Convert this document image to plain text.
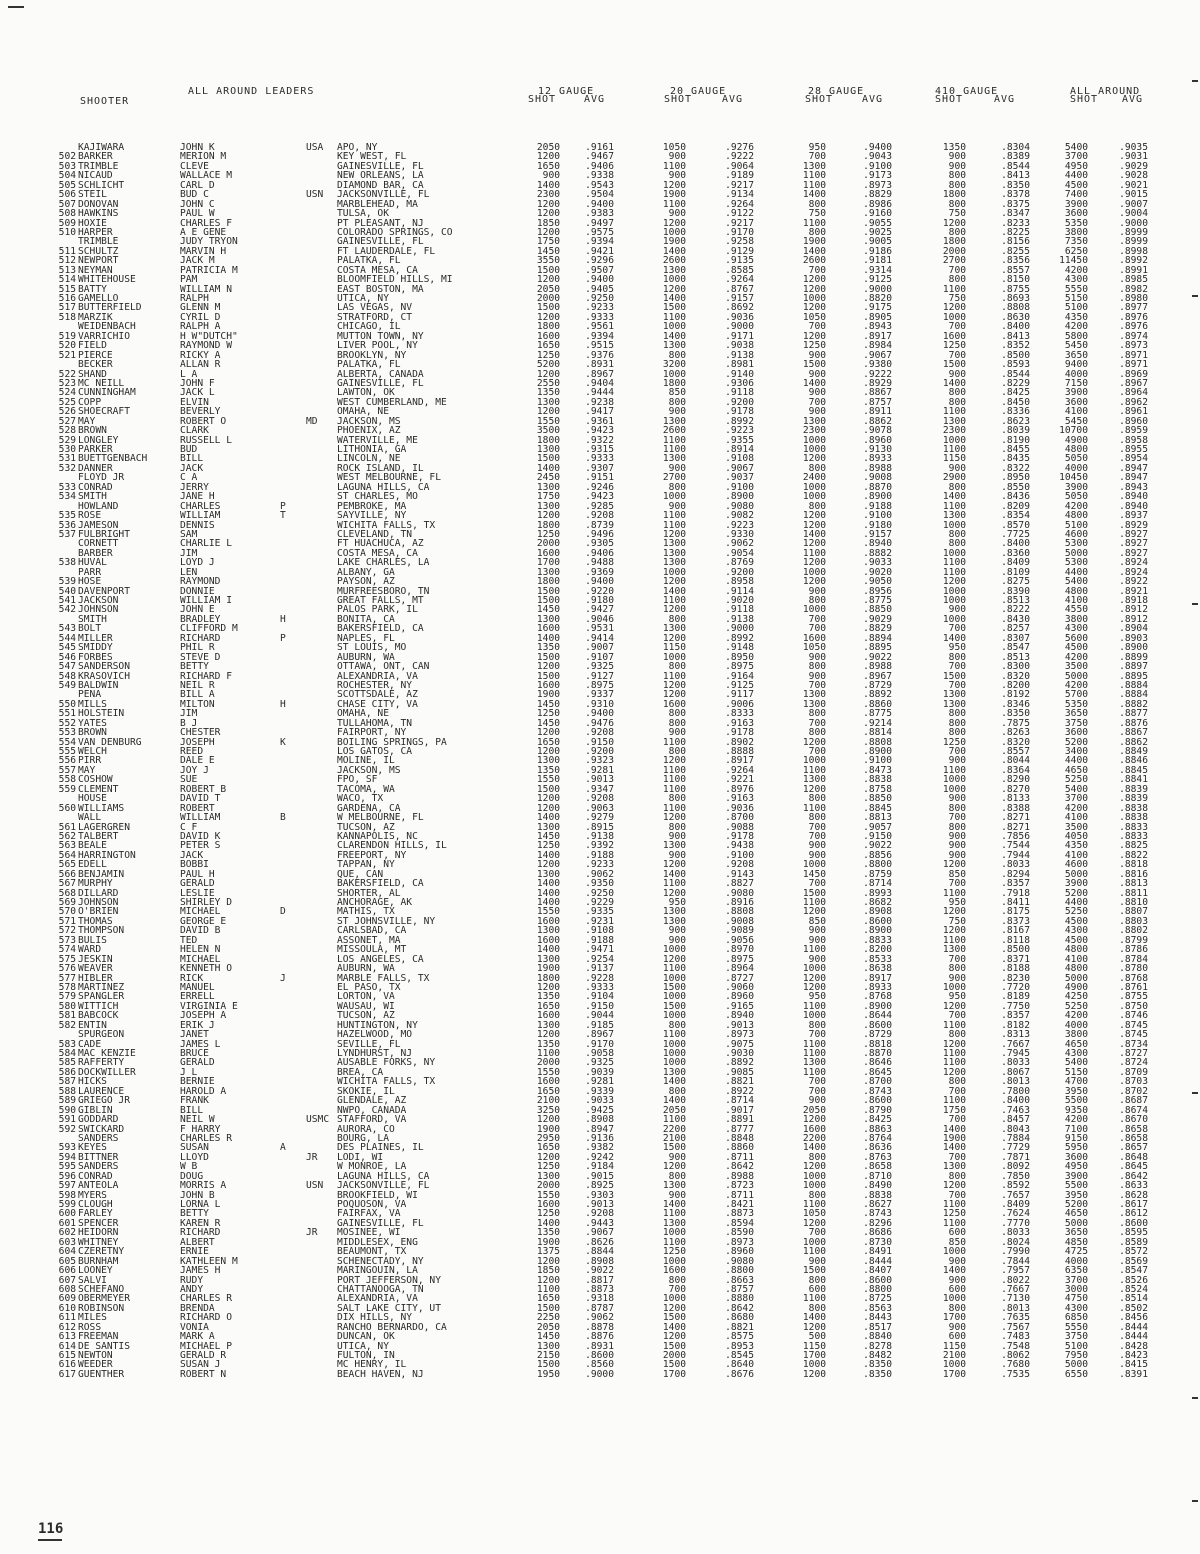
ALL AROUND LEADERS
SHOOTER
12 GAUGE
SHOT	AVG
20 GAUGE
SHOT	AVG
28 GAUGE
SHOT	AVG
410 GAUGE
SHOT	AVG
ALL AROUND
SHOT AVG
KAJIWARA	JOHN K	USA APO, NY	2050	.9161	1050	.9276	950	.9400	1350	.8304	5400	.9035
502 BARKER	MERION M	KEY WEST, FL	1200	.9467	900	.9222	700	.9043	900	.8389	3700	.9031
503 TRIMBLE	CLEVE	GAINESVILLE, FL	1650	.9406	1100	.9064	1300	.9100	900	.8544	4950	.9029
504 NICAUD	WALLACE M	NEW ORLEANS, LA	900	.9338	900	.9189	1100	.9173	800	.8413	4400	.9028
505 SCHLICHT	CARL D	DIAMOND BAR, CA	1400	.9543	1200	.9217	1100	.8973	800	.8350	4500	.9021
506 STEIL	BUD C	USN JACKSONVILLE, FL	2300	.9504	1900	.9134	1400	.8829	1800	.8378	7400	.9015
507 DONOVAN	JOHN C	MARBLEHEAD, MA	1200	.9400	1100	.9264	800	.8986	800	.8375	3900	.9007
508 HAWKINS	PAUL W	TULSA, OK	1200	.9383	900	.9122	750	.9160	750	.8347	3600	.9004
509 HOXIE	CHARLES F	PT PLEASANT, NJ	1850	.9497	1200	.9217	1100	.9055	1200	.8233	5350	.9000
510 HARPER	A E GENE	COLORADO SPRINGS, CO	1200	.9575	1000	.9170	800	.9025	800	.8225	3800	.8999
TRIMBLE	JUDY TRYON	GAINESVILLE, FL	1750	.9394	1900	.9258	1900	.9005	1800	.8156	7350	.8999
511 SCHULTZ	MARVIN H	FT LAUDERDALE, FL	1450	.9421	1400	.9129	1400	.9186	2000	.8255	6250	.8998
512 NEWPORT	JACK M	PALATKA, FL	3550	.9296	2600	.9135	2600	.9181	2700	.8356	11450	.8992
513 NEYMAN	PATRICIA M	COSTA MESA, CA	1500	.9507	1300	.8585	700	.9314	700	.8557	4200	.8991
514 WHITEHOUSE	PAM	BLOOMFIELD HILLS, MI	1200	.9400	1000	.9264	1200	.9125	800	.8150	4300	.8985
515 BATTY	WILLIAM N	EAST BOSTON, MA	2050	.9405	1200	.8767	1200	.9000	1100	.8755	5550	.8982
516 GAMELLO	RALPH	UTICA, NY	2000	.9250	1400	.9157	1000	.8820	750	.8693	5150	.8980
517 BUTTERFIELD	GLENN M	LAS VEGAS, NV	1500	.9233	1500	.8692	1200	.9175	1200	.8808	5100	.8977
518 MARZIK	CYRIL D	STRATFORD, CT	1200	.9333	1100	.9036	1050	.8905	1000	.8630	4350	.8976
WEIDENBACH	RALPH A	CHICAGO, IL	1800	.9561	1000	.9000	700	.8943	700	.8400	4200	.8976
519 VARRICHIO	H W"DUTCH"	MUTTON TOWN, NY	1600	.9394	1400	.9171	1200	.8917	1600	.8413	5800	.8974
520 FIELD	RAYMOND W	LIVER POOL, NY	1650	.9515	1300	.9038	1250	.8984	1250	.8352	5450	.8973
521 PIERCE	RICKY A	BROOKLYN, NY	1250	.9376	800	.9138	900	.9067	700	.8500	3650	.8971
BECKER	ALLAN R	PALATKA, FL	5200	.8931	3200	.8981	1500	.9380	1500	.8593	9400	.8971
522 SHAND	L A	ALBERTA, CANADA	1200	.8967	1000	.9140	900	.9222	900	.8544	4000	.8969
523 MC NEILL	JOHN F	GAINESVILLE, FL	2550	.9404	1800	.9306	1400	.8929	1400	.8229	7150	.8967
524 CUNNINGHAM	JACK L	LAWTON, OK	1350	.9444	850	.9118	900	.8867	800	.8425	3900	.8964
525 COPP	ELVIN	WEST CUMBERLAND, ME	1300	.9238	800	.9200	700	.8757	800	.8450	3600	.8962
526 SHOECRAFT	BEVERLY	OMAHA, NE	1200	.9417	900	.9178	900	.8911	1100	.8336	4100	.8961
527 MAY	ROBERT O	MD JACKSON, MS	1550	.9361	1300	.8992	1300	.8862	1300	.8623	5450	.8960
528 BROWN	CLARK	PHOENIX, AZ	3500	.9423	2600	.9223	2300	.9078	2300	.8039	10700	.8959
529 LONGLEY	RUSSELL L	WATERVILLE, ME	1800	.9322	1100	.9355	1000	.8960	1000	.8190	4900	.8958
530 PARKER	BUD	LITHONIA, GA	1300	.9315	1100	.8914	1000	.9130	1100	.8455	4800	.8955
531 BUETTGENBACH	BILL	LINCOLN, NE	1500	.9333	1300	.9108	1200	.8933	1150	.8435	5050	.8954
532 DANNER	JACK	ROCK ISLAND, IL	1400	.9307	900	.9067	800	.8988	900	.8322	4000	.8947
FLOYD JR	C A	WEST MELBOURNE, FL	2450	.9151	2700	.9037	2400	.9008	2900	.8950	10450	.8947
533 CONRAD	JERRY	LAGUNA HILLS, CA	1300	.9246	800	.9100	1000	.8870	800	.8550	3900	.8943
534 SMITH	JANE H	ST CHARLES, MO	1750	.9423	1000	.8900	1000	.8900	1400	.8436	5050	.8940
HOWLAND	CHARLES	P	PEMBROKE, MA	1300	.9285	900	.9080	800	.9188	1100	.8209	4200	.8940
535 ROSE	WILLIAM	T	SAYVILLE, NY	1200	.9208	1100	.9082	1200	.9100	1300	.8354	4800	.8937
536 JAMESON	DENNIS	WICHITA FALLS, TX	1800	.8739	1100	.9223	1200	.9180	1000	.8570	5100	.8929
537 FULBRIGHT	SAM	CLEVELAND, TN	1250	.9496	1200	.9330	1400	.9157	800	.7725	4600	.8927
CORNETT	CHARLIE L	FT HUACHUCA, AZ	2000	.9305	1300	.9062	1200	.8940	800	.8400	5300	.8927
BARBER	JIM	COSTA MESA, CA	1600	.9406	1300	.9054	1100	.8882	1000	.8360	5000	.8927
538 HUVAL	LOYD J	LAKE CHARLES, LA	1700	.9488	1300	.8769	1200	.9033	1100	.8409	5300	.8924
PARR	LEN	ALBANY, GA	1300	.9369	1000	.9200	1000	.9020	1100	.8109	4400	.8924
539 HOSE	RAYMOND	PAYSON, AZ	1800	.9400	1200	.8958	1200	.9050	1200	.8275	5400	.8922
540 DAVENPORT	DONNIE	MURFREESBORO, TN	1500	.9220	1400	.9114	900	.8956	1000	.8390	4800	.8921
541 JACKSON	WILLIAM I	GREAT FALLS, MT	1500	.9180	1100	.9020	800	.8775	1000	.8513	4100	.8918
542 JOHNSON	JOHN E	PALOS PARK, IL	1450	.9427	1200	.9118	1000	.8850	900	.8222	4550	.8912
SMITH	BRADLEY	H	BONITA, CA	1300	.9046	800	.9138	700	.9029	1000	.8430	3800	.8912
543 BOLT	CLIFFORD M	BAKERSFIELD, CA	1600	.9531	1300	.9000	700	.8829	700	.8257	4300	.8904
544 MILLER	RICHARD	P	NAPLES, FL	1400	.9414	1200	.8992	1600	.8894	1400	.8307	5600	.8903
545 SMIDDY	PHIL R	ST LOUIS, MO	1350	.9007	1150	.9148	1050	.8895	950	.8547	4500	.8900
546 FORBES	STEVE D	AUBURN, WA	1500	.9107	1000	.8950	900	.9022	800	.8513	4200	.8899
547 SANDERSON	BETTY	OTTAWA, ONT, CAN	1200	.9325	800	.8975	800	.8988	700	.8300	3500	.8897
548 KRASOVICH	RICHARD F	ALEXANDRIA, VA	1500	.9127	1100	.9164	900	.8967	1500	.8320	5000	.8895
549 BALDWIN	NEIL R	ROCHESTER, NY	1600	.8975	1200	.9125	700	.8729	700	.8200	4200	.8884
PENA	BILL A	SCOTTSDALE, AZ	1900	.9337	1200	.9117	1300	.8892	1300	.8192	5700	.8884
550 MILLS	MILTON	H	CHASE CITY, VA	1450	.9310	1600	.9006	1300	.8860	1300	.8346	5350	.8882
551 HOLSTEIN	JIM	OMAHA, NE	1250	.9400	800	.8333	800	.8775	800	.8350	3650	.8877
552 YATES	B J	TULLAHOMA, TN	1450	.9476	800	.9163	700	.9214	800	.7875	3750	.8876
553 BROWN	CHESTER	FAIRPORT, NY	1200	.9208	900	.9178	800	.8814	800	.8263	3600	.8867
554 VAN DENBURG	JOSEPH	K	BOILING SPRINGS, PA	1650	.9150	1100	.8902	1200	.8808	1250	.8320	5200	.8862
555 WELCH	REED	LOS GATOS, CA	1200	.9200	800	.8888	700	.8900	700	.8557	3400	.8849
556 PIRR	DALE E	MOLINE, IL	1300	.9323	1200	.8917	1000	.9100	900	.8044	4400	.8846
557 MAY	JOY J	JACKSON, MS	1350	.9281	1100	.9264	1100	.8473	1100	.8364	4650	.8845
558 COSHOW	SUE	FPO, SF	1550	.9013	1100	.9221	1300	.8838	1000	.8290	5250	.8841
559 CLEMENT	ROBERT B	TACOMA, WA	1500	.9347	1100	.8976	1200	.8758	1000	.8270	5400	.8839
HOUSE	DAVID T	WACO, TX	1200	.9208	800	.9163	800	.8850	900	.8133	3700	.8839
560 WILLIAMS	ROBERT	GARDENA, CA	1200	.9063	1100	.9036	1100	.8845	800	.8388	4200	.8838
WALL	WILLIAM	B	W MELBOURNE, FL	1400	.9279	1200	.8700	800	.8813	700	.8271	4100	.8838
561 LAGERGREN	C F	TUCSON, AZ	1300	.8915	800	.9088	700	.9057	800	.8271	3500	.8833
562 TALBERT	DAVID K	KANNAPOLIS, NC	1450	.9138	900	.9178	700	.9150	900	.7856	4050	.8833
563 BEALE	PETER S	CLARENDON HILLS, IL	1250	.9392	1300	.9438	900	.9022	900	.7544	4350	.8825
564 HARRINGTON	JACK	FREEPORT, NY	1400	.9188	900	.9100	900	.8856	900	.7944	4100	.8822
565 EDELL	BOBBI	TAPPAN, NY	1200	.9233	1200	.9208	1000	.8800	1200	.8033	4600	.8818
566 BENJAMIN	PAUL H	QUE, CAN	1300	.9062	1400	.9143	1450	.8759	850	.8294	5000	.8816
567 MURPHY	GERALD	BAKERSFIELD, CA	1400	.9350	1100	.8827	700	.8714	700	.8357	3900	.8813
568 DILLARD	LESLIE	SHORTER, AL	1400	.9250	1200	.9080	1500	.8993	1100	.7918	5200	.8811
569 JOHNSON	SHIRLEY D	ANCHORAGE, AK	1400	.9229	950	.8916	1100	.8682	950	.8411	4400	.8810
570 O'BRIEN	MICHAEL	D	MATHIS, TX	1550	.9335	1300	.8808	1200	.8908	1200	.8175	5250	.8807
571 THOMAS	GEORGE E	ST JOHNSVILLE, NY	1600	.9231	1300	.9008	850	.8600	750	.8373	4500	.8803
572 THOMPSON	DAVID B	CARLSBAD, CA	1300	.9108	900	.9089	900	.8900	1200	.8167	4300	.8802
573 BULIS	TED	ASSONET, MA	1600	.9188	900	.9056	900	.8833	1100	.8118	4500	.8799
574 WARD	HELEN N	MISSOULA, MT	1400	.9471	1000	.8970	1100	.8200	1300	.8500	4800	.8786
575 JESKIN	MICHAEL	LOS ANGELES, CA	1300	.9254	1200	.8975	900	.8533	700	.8371	4100	.8784
576 WEAVER	KENNETH O	AUBURN, WA	1900	.9137	1100	.8964	1000	.8638	800	.8188	4800	.8780
577 HIBLER	RICK	J	MARBLE FALLS, TX	1800	.9228	1000	.8727	1200	.8917	900	.8230	5000	.8768
578 MARTINEZ	MANUEL	EL PASO, TX	1200	.9333	1500	.9060	1200	.8933	1000	.7720	4900	.8761
579 SPANGLER	ERRELL	LORTON, VA	1350	.9104	1000	.8960	950	.8768	950	.8189	4250	.8755
580 WITTICH	VIRGINIA E	WAUSAU, WI	1650	.9150	1500	.9165	1100	.8900	1200	.7750	5250	.8750
581 BABCOCK	JOSEPH A	TUCSON, AZ	1600	.9044	1000	.8940	1000	.8644	700	.8357	4200	.8746
582 ENTIN	ERIK J	HUNTINGTON, NY	1300	.9185	800	.9013	800	.8600	1100	.8182	4000	.8745
SPURGEON	JANET	HAZELWOOD, MO	1200	.8967	1100	.8973	700	.8729	800	.8313	3800	.8745
583 CADE	JAMES L	SEVILLE, FL	1350	.9170	1000	.9075	1100	.8818	1200	.7667	4650	.8734
584 MAC KENZIE	BRUCE	LYNDHURST, NJ	1100	.9058	1000	.9030	1100	.8870	1100	.7945	4300	.8727
585 RAFFERTY	GERALD	AUSABLE FORKS, NY	2000	.9325	1000	.8892	1300	.8646	1100	.8033	5400	.8724
586 DOCKWILLER	J L	BREA, CA	1550	.9039	1300	.9085	1100	.8645	1200	.8067	5150	.8709
587 HICKS	BERNIE	WICHITA FALLS, TX	1600	.9281	1400	.8821	700	.8700	800	.8013	4700	.8703
588 LAURENCE	HAROLD A	SKOKIE, IL	1650	.9339	800	.8922	700	.8743	700	.7800	3950	.8702
589 GRIEGO JR	FRANK	GLENDALE, AZ	2100	.9033	1400	.8714	900	.8600	1100	.8400	5500	.8687
590 GIBLIN	BILL	NWPO, CANADA	3250	.9425	2050	.9017	2050	.8790	1750	.7463	9350	.8674
591 GODDARD	NEIL W	USMC STAFFORD, VA	1200	.8908	1100	.8891	1200	.8425	700	.8457	4200	.8670
592 SWICKARD	F HARRY	AURORA, CO	1900	.8947	2200	.8777	1600	.8863	1400	.8043	7100	.8658
SANDERS	CHARLES R	BOURG, LA	2950	.9136	2100	.8848	2200	.8764	1900	.7884	9150	.8658
593 KEYES	SUSAN	A	DES PLAINES, IL	1650	.9382	1500	.8860	1400	.8636	1400	.7729	5950	.8657
594 BITTNER	LLOYD	JR LODI, WI	1200	.9242	900	.8711	800	.8763	700	.7871	3600	.8648
595 SANDERS	W B	W MONROE, LA	1250	.9184	1200	.8642	1200	.8658	1300	.8092	4950	.8645
596 CONRAD	DOUG	LAGUNA HILLS, CA	1300	.9015	800	.8988	1000	.8710	800	.7850	3900	.8642
597 ANTEOLA	MORRIS A	USN JACKSONVILLE, FL	2000	.8925	1300	.8723	1000	.8490	1200	.8592	5500	.8633
598 MYERS	JOHN B	BROOKFIELD, WI	1550	.9303	900	.8711	800	.8838	700	.7657	3950	.8628
599 CLOUGH	LORNA L	POQUOSON, VA	1600	.9013	1400	.8421	1100	.8627	1100	.8409	5200	.8617
600 FARLEY	BETTY	FAIRFAX, VA	1250	.9208	1100	.8873	1050	.8743	1250	.7624	4650	.8612
601 SPENCER	KAREN R	GAINESVILLE, FL	1400	.9443	1300	.8594	1200	.8296	1100	.7770	5000	.8600
602 HEIDORN	RICHARD	JR MOSINEE, WI	1350	.9067	1000	.8590	700	.8686	600	.8033	3650	.8595
603 WHITNEY	ALBERT	MIDDLESEX, ENG	1900	.8626	1100	.8973	1000	.8730	850	.8024	4850	.8589
604 CZERETNY	ERNIE	BEAUMONT, TX	1375	.8844	1250	.8960	1100	.8491	1000	.7990	4725	.8572
605 BURNHAM	KATHLEEN M	SCHENECTADY, NY	1200	.8908	1000	.9080	900	.8444	900	.7844	4000	.8569
606 LOONEY	JAMES H	MARINGOUIN, LA	1850	.9022	1600	.8800	1500	.8407	1400	.7957	6350	.8547
607 SALVI	RUDY	PORT JEFFERSON, NY	1200	.8817	800	.8663	800	.8600	900	.8022	3700	.8526
608 SCHEFANO	ANDY	CHATTANOOGA, TN	1100	.8873	700	.8757	600	.8800	600	.7667	3000	.8524
609 OBERMEYER	CHARLES R	ALEXANDRIA, VA	1650	.9318	1000	.8880	1100	.8725	1000	.7130	4750	.8514
610 ROBINSON	BRENDA	SALT LAKE CITY, UT	1500	.8787	1200	.8642	800	.8563	800	.8013	4300	.8502
611 MILES	RICHARD O	DIX HILLS, NY	2250	.9062	1500	.8680	1400	.8443	1700	.7635	6850	.8456
612 ROSS	VONIA	RANCHO BERNARDO, CA	2050	.8878	1400	.8821	1200	.8517	900	.7567	5550	.8444
613 FREEMAN	MARK A	DUNCAN, OK	1450	.8876	1200	.8575	500	.8840	600	.7483	3750	.8444
614 DE SANTIS	MICHAEL P	UTICA, NY	1300	.8931	1500	.8953	1150	.8278	1150	.7548	5100	.8428
615 NEWTON	GERALD R	FULTON, IN	2150	.8600	2000	.8545	1700	.8482	2100	.8062	7950	.8423
616 WEEDER	SUSAN J	MC HENRY, IL	1500	.8560	1500	.8640	1000	.8350	1000	.7680	5000	.8415
617 GUENTHER	ROBERT N	BEACH HAVEN, NJ	1950	.9000	1700	.8676	1200	.8350	1700	.7535	6550	.8391
116
